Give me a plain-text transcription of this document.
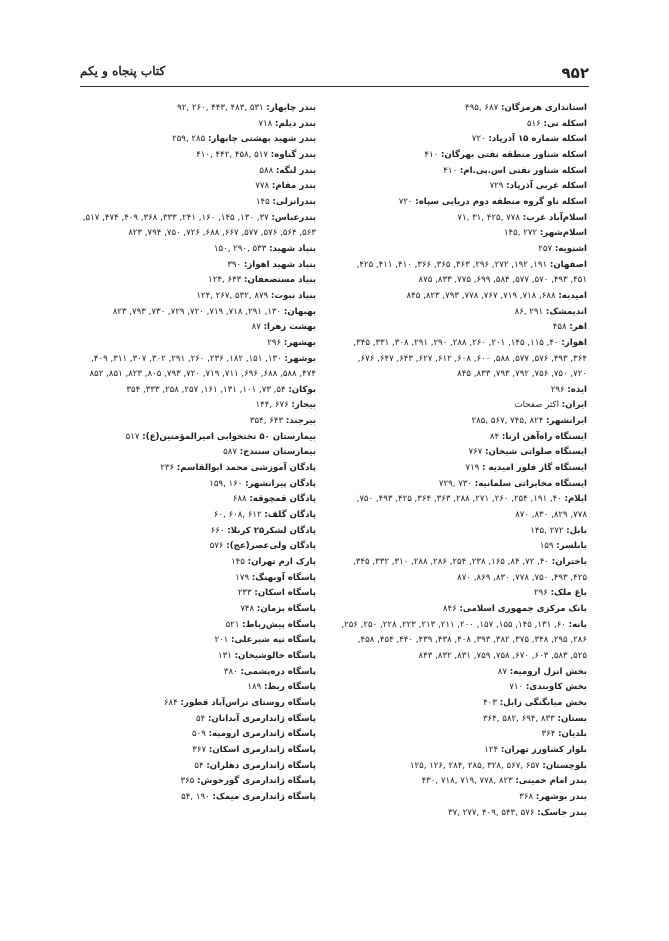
۹۵۲
کتاب پنجاه و یکم
استانداری هرمزگان: ۶۸۷ ,۴۹۵
اسکله تی: ۵۱۶
اسکله شماره ۱۵ آذرپاد: ۷۲۰
اسکله شناور منطقه نفتی بهرگان: ۴۱۰
اسکله شناور نفتی اس.پی.ام: ۴۱۰
اسکله غربی آذرپاد: ۷۲۹
اسکله ناو گروه منطقه دوم دریایی سپاه: ۷۲۰
اسلام‌آباد غرب: ۷۷۸ ,۴۲۵ ,۳۱ ,۷۱
اسلام‌شهر: ۲۷۲ ,۱۴۵
اشنویه: ۲۵۷
اصفهان: ۱۹۱, ۱۹۲, ۲۷۲, ۲۹۶, ۳۶۳, ۳۶۵, ۳۶۶, ۴۱۰, ۴۱۱, ۴۲۵, ۴۵۱, ۴۹۳, ۵۷۰, ۵۷۷, ۵۸۴, ۶۹۹, ۷۷۵, ۸۳۳, ۸۷۵
امیدیه: ۶۸۸, ۷۱۸, ۷۱۹, ۷۶۷, ۷۷۸, ۷۹۳, ۸۲۳, ۸۴۵
اندیمشک: ۲۹۱ ,۸۶
اهر: ۴۵۸
اهواز: ۴۰, ۱۱۵, ۱۴۵, ۲۰۱, ۲۶۰, ۲۸۸, ۲۹۰, ۲۹۱, ۳۰۸, ۳۳۱, ۳۴۵, ۳۶۴, ۴۹۳, ۵۷۶, ۵۷۷, ۵۸۸, ۶۰۰, ۶۰۸, ۶۱۲, ۶۲۷, ۶۴۳, ۶۴۷, ۶۷۶, ۷۲۰, ۷۵۰, ۷۵۶, ۷۹۲, ۷۹۳, ۸۳۳, ۸۴۵
ایذه: ۲۹۶
ایران: اکثر صفحات
ایرانشهر: ۸۲۴ ,۷۴۵ ,۵۶۷ ,۲۸۵
ایستگاه راه‌آهن ازنا: ۸۴
ایستگاه صلواتی شیخان: ۷۶۷
ایستگاه گاز فلور امیدیه : ۷۱۹
ایستگاه مخابراتی سلمانیه: ۷۳۰ ,۷۲۹
ایلام: ۴۰, ۱۹۱, ۲۵۴, ۲۶۰, ۲۷۱, ۲۸۸, ۳۶۳, ۳۶۴, ۴۲۵, ۴۹۳, ۷۵۰, ۷۷۸, ۸۲۹, ۸۳۰, ۸۷۰
بابل: ۲۷۲ ,۱۴۵
بابلسر: ۱۵۹
باختران: ۴۰, ۷۲, ۸۴, ۱۶۵, ۲۳۸, ۲۵۴, ۲۸۶, ۲۸۸, ۳۱۰, ۳۳۲, ۳۴۵, ۴۲۵, ۴۹۳, ۷۵۰, ۷۷۸, ۸۳۰, ۸۶۹, ۸۷۰
باغ ملک: ۲۹۶
بانک مرکزی جمهوری اسلامی: ۸۴۶
بانه: ۶۰, ۱۳۱, ۱۴۵, ۱۵۵, ۱۵۷, ۲۰۰, ۲۱۱, ۲۱۳, ۲۲۳, ۲۲۸, ۲۵۰, ۲۵۶, ۲۸۶, ۲۹۵, ۳۴۸, ۳۷۵, ۳۸۲, ۳۹۳, ۴۰۸, ۴۳۸, ۴۳۹, ۴۴۰, ۴۵۴, ۴۵۸, ۵۲۵, ۵۸۳, ۶۰۳, ۶۷۰, ۷۵۸, ۷۵۹, ۸۳۱, ۸۳۲, ۸۴۳
بخش انزل ارومیه: ۸۷
بخش کاوبندی: ۷۱۰
بخش میانگنگی زابل: ۴۰۳
بستان: ۸۳۳ ,۶۹۴ ,۵۸۲ ,۳۶۴
بلدیان: ۳۶۴
بلوار کشاورز تهران: ۱۲۴
بلوچستان: ۶۵۷ ,۵۶۷ ,۳۲۸ ,۲۸۵ ,۲۸۴ ,۱۲۶ ,۱۲۵
بندر امام خمینی: ۸۲۳ ,۷۷۸ ,۷۱۹ ,۷۱۸ ,۴۳۰
بندر بوشهر: ۳۶۸
بندر جاسک: ۵۷۶ ,۵۴۳ ,۴۰۹ ,۲۷۷ ,۳۷
بندر چابهار: ۵۳۱ ,۴۸۳ ,۴۴۳ ,۲۶۰ ,۹۲
بندر دیلم: ۷۱۸
بندر شهید بهشتی چابهار: ۲۸۵ ,۲۵۹
بندر گناوه: ۵۱۷ ,۴۵۸ ,۴۴۲ ,۴۱۰
بندر لنگه: ۵۸۸
بندر مقام: ۷۷۸
بندرانزلی: ۱۴۵
بندرعباس: ۳۷, ۱۳۰, ۱۴۵, ۱۶۰, ۲۴۱, ۳۳۳, ۳۶۸, ۴۰۹, ۴۷۴, ۵۱۷, ۵۶۳, ۵۶۴, ۵۷۶, ۵۷۷, ۶۶۷, ۶۸۸, ۷۲۶, ۷۵۰, ۷۹۴, ۸۲۳
بنیاد شهید: ۵۳۳ ,۲۹۰ ,۱۵۰
بنیاد شهید اهواز: ۳۹۰
بنیاد مستضعفان: ۶۴۳ ,۱۲۴
بنیاد نبوت: ۸۷۹ ,۵۳۲ ,۲۶۷ ,۱۲۴
بهبهان: ۱۳۰, ۲۹۱, ۷۱۸, ۷۱۹, ۷۲۰, ۷۲۹, ۷۳۰, ۷۹۳, ۸۲۳
بهشت زهرا: ۸۷
بهشهر: ۲۹۶
بوشهر: ۱۳۰, ۱۵۱, ۱۸۲, ۲۳۶, ۲۶۰, ۲۹۱, ۳۰۲, ۳۰۷, ۳۱۱, ۴۰۹, ۴۷۴, ۵۸۸, ۶۸۸, ۶۹۶, ۷۱۱, ۷۱۹, ۷۲۰, ۷۹۳, ۸۰۵, ۸۲۳, ۸۵۱, ۸۵۲
بوکان: ۵۴, ۷۳, ۱۰۱, ۱۳۱, ۱۶۱, ۲۵۷, ۲۵۸, ۳۳۳, ۳۵۴
بیجار: ۶۷۶ ,۱۴۴
بیرجند: ۶۴۳ ,۳۵۴
بیمارستان ۵۰ تختخوابی امیرالمؤمنین(ع): ۵۱۷
بیمارستان سنندج: ۵۸۷
پادگان آموزشی محمد ابوالقاسم: ۲۳۶
پادگان پیرانشهر: ۱۶۰ ,۱۵۹
پادگان قمچوقه: ۶۸۸
پادگان گلف: ۶۱۲ ,۶۰۸ ,۶۰
پادگان لشکر۲۵ کربلا: ۶۶۰
پادگان ولی‌عصر(عج): ۵۷۶
پارک ارم تهران: ۱۴۵
پاسگاه آوبهنگ: ۱۷۹
پاسگاه اسکان: ۲۳۳
پاسگاه بزمان: ۷۴۸
پاسگاه پیش‌رباط: ۵۲۱
پاسگاه تپه شیرعلی: ۲۰۱
پاسگاه خالوشیخان: ۱۳۱
پاسگاه دره‌پشمی: ۳۸۰
پاسگاه ربط: ۱۸۹
پاسگاه روستای تراس‌آباد قطور: ۶۸۴
پاسگاه ژاندارمری آبدانان: ۵۴
پاسگاه ژاندارمری ارومیه: ۵۰۹
پاسگاه ژاندارمری اسکان: ۳۶۷
پاسگاه ژاندارمری دهلران: ۵۴
پاسگاه ژاندارمری گورخوش: ۳۶۵
پاسگاه ژاندارمری میمک: ۱۹۰ ,۵۴
